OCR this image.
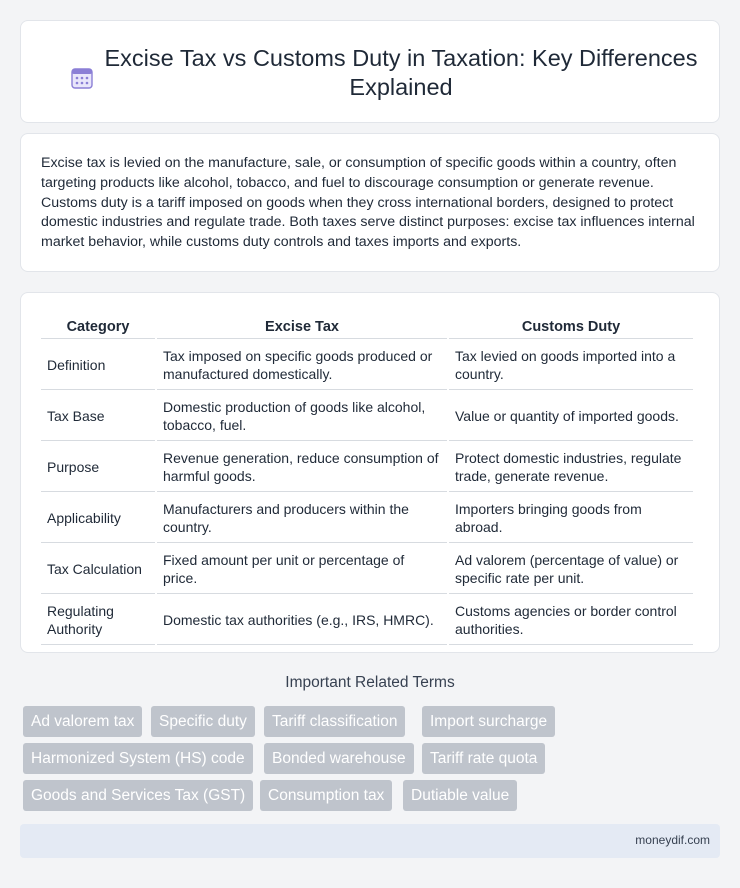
Excise Tax vs Customs Duty in Taxation: Key Differences Explained

Excise tax is levied on the manufacture, sale, or consumption of specific goods within a country, often targeting products like alcohol, tobacco, and fuel to discourage consumption or generate revenue. Customs duty is a tariff imposed on goods when they cross international borders, designed to protect domestic industries and regulate trade. Both taxes serve distinct purposes: excise tax influences internal market behavior, while customs duty controls and taxes imports and exports.

Category	Excise Tax	Customs Duty
Definition	Tax imposed on specific goods produced or manufactured domestically.	Tax levied on goods imported into a country.
Tax Base	Domestic production of goods like alcohol, tobacco, fuel.	Value or quantity of imported goods.
Purpose	Revenue generation, reduce consumption of harmful goods.	Protect domestic industries, regulate trade, generate revenue.
Applicability	Manufacturers and producers within the country.	Importers bringing goods from abroad.
Tax Calculation	Fixed amount per unit or percentage of price.	Ad valorem (percentage of value) or specific rate per unit.
Regulating Authority	Domestic tax authorities (e.g., IRS, HMRC).	Customs agencies or border control authorities.
Important Related Terms
Ad valorem tax	Specific duty	Tariff classification	Import surcharge
Harmonized System (HS) code	Bonded warehouse	Tariff rate quota
Goods and Services Tax (GST)	Consumption tax	Dutiable value
moneydif.com
